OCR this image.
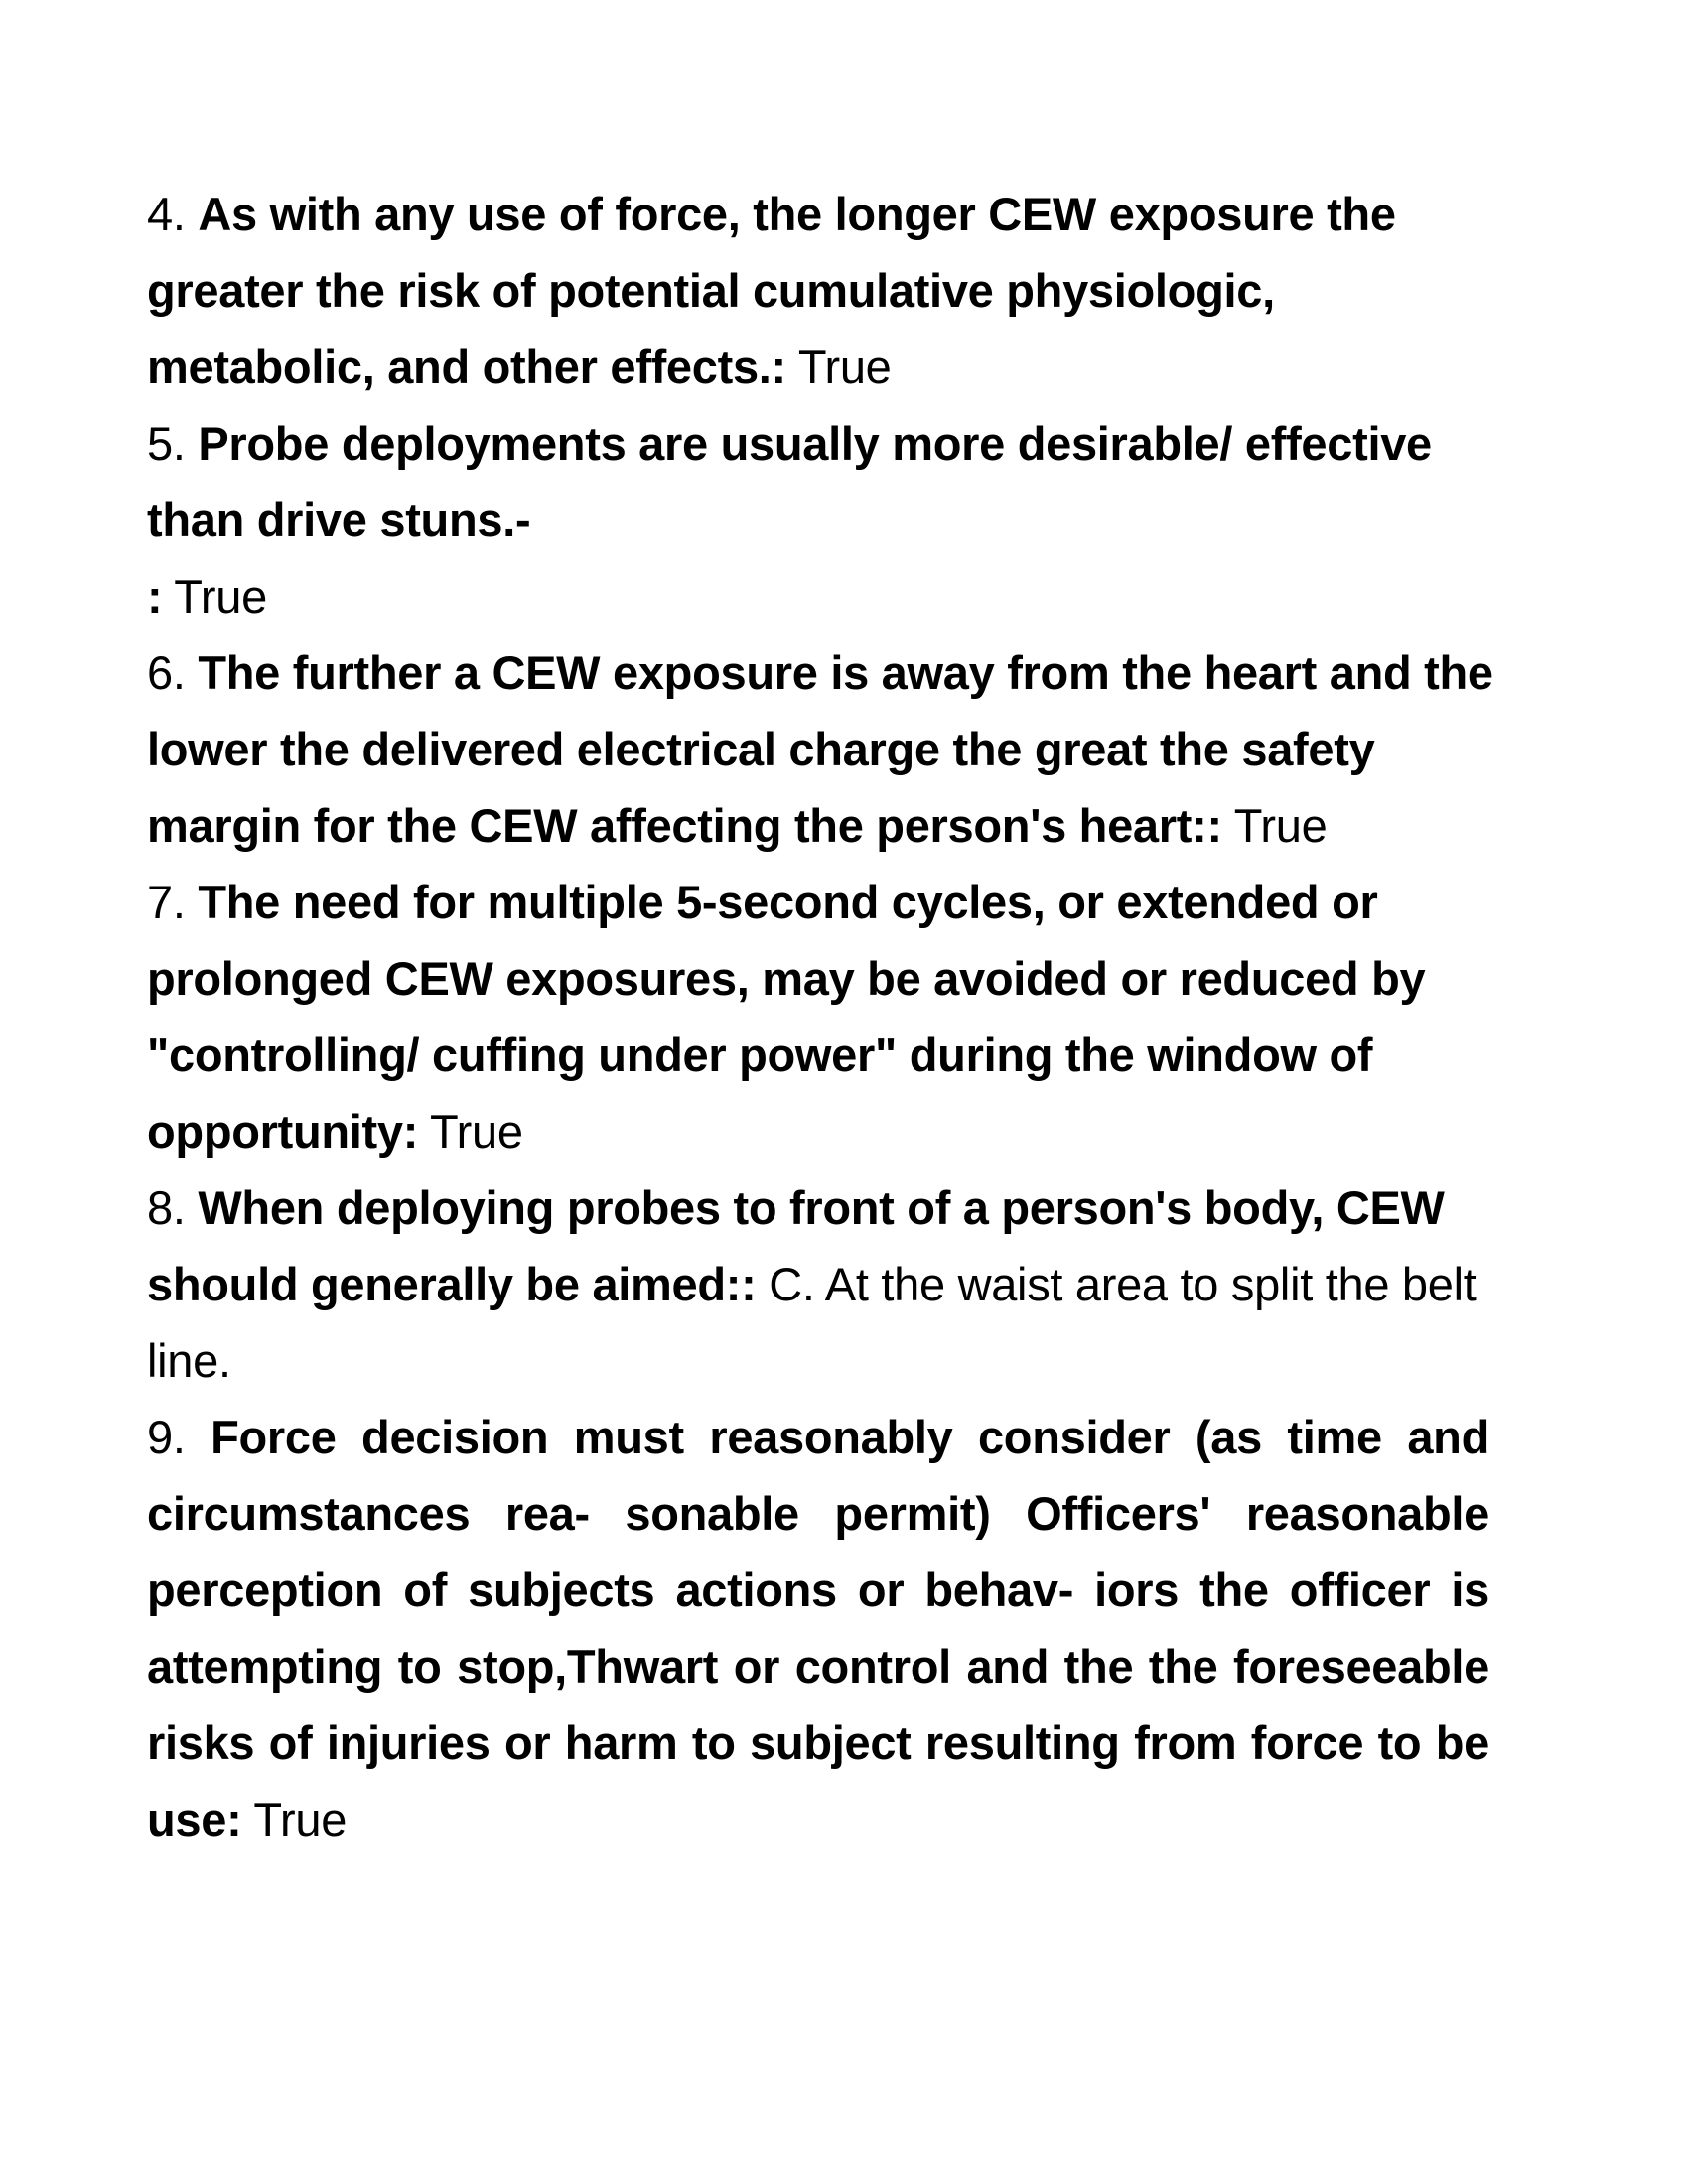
4. As with any use of force, the longer CEW exposure the
greater the risk of potential cumulative physiologic,
metabolic, and other effects.: True
5. Probe deployments are usually more desirable/ effective
than drive stuns.-
: True
6. The further a CEW exposure is away from the heart and the
lower the delivered electrical charge the great the safety
margin for the CEW affecting the person's heart:: True
7. The need for multiple 5-second cycles, or extended or
prolonged CEW exposures, may be avoided or reduced by
"controlling/ cuffing under power" during the window of
opportunity: True
8. When deploying probes to front of a person's body, CEW
should generally be aimed:: C. At the waist area to split the belt
line.
9. Force decision must reasonably consider (as time and
circumstances rea- sonable permit) Officers' reasonable
perception of subjects actions or behav- iors the officer is
attempting to stop,Thwart or control and the the foreseeable
risks of injuries or harm to subject resulting from force to be
use: True
